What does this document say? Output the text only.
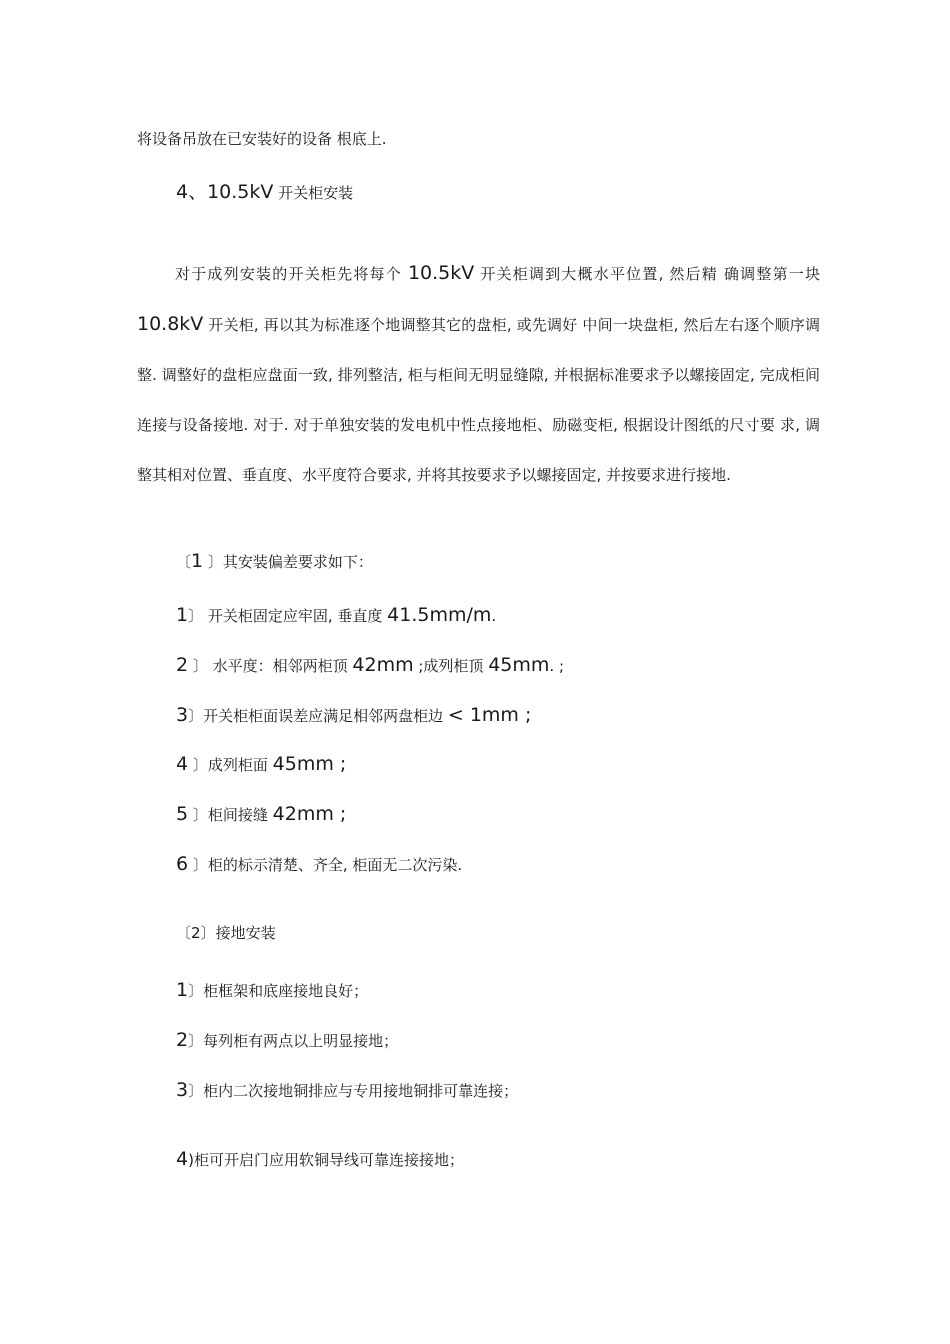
将设备吊放在已安装好的设备 根底上.
4、10.5kV 开关柜安装
对于成列安装的开关柜先将每个 10.5kV 开关柜调到大概水平位置, 然后精 确调整第一块 10.8kV 开关柜, 再以其为标准逐个地调整其它的盘柜, 或先调好 中间一块盘柜, 然后左右逐个顺序调整. 调整好的盘柜应盘面一致, 排列整洁, 柜与柜间无明显缝隙, 并根据标准要求予以螺接固定, 完成柜间连接与设备接地. 对于. 对于单独安装的发电机中性点接地柜、励磁变柜, 根据设计图纸的尺寸要 求, 调整其相对位置、垂直度、水平度符合要求, 并将其按要求予以螺接固定, 并按要求进行接地.
〔1 〕其安装偏差要求如下：
1〕 开关柜固定应牢固, 垂直度 41.5mm/m.
2 〕 水平度：相邻两柜顶 42mm ;成列柜顶 45mm. ;
3〕开关柜柜面误差应满足相邻两盘柜边 < 1mm ;
4 〕成列柜面 45mm ;
5 〕柜间接缝 42mm ;
6 〕柜的标示清楚、齐全, 柜面无二次污染.
〔2〕接地安装
1〕柜框架和底座接地良好；
2〕每列柜有两点以上明显接地；
3〕柜内二次接地铜排应与专用接地铜排可靠连接；
4)柜可开启门应用软铜导线可靠连接接地；
